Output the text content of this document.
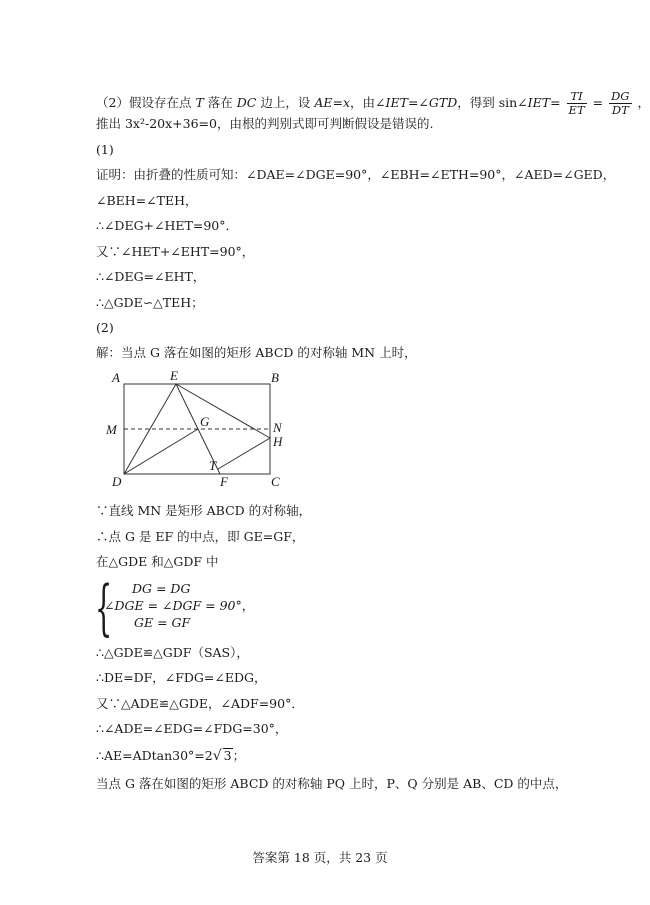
（2）假设存在点 T 落在 DC 边上，设 AE=x，由∠IET=∠GTD，得到 sin∠IET= $\frac{TI}{ET} = \frac{DG}{DT}$ ，
推出 3x²-20x+36=0，由根的判别式即可判断假设是错误的.
(1)
证明：由折叠的性质可知：∠DAE=∠DGE=90°，∠EBH=∠ETH=90°，∠AED=∠GED，
∠BEH=∠TEH，
∴∠DEG+∠HET=90°．
又∵∠HET+∠EHT=90°，
∴∠DEG=∠EHT，
∴△GDE∽△TEH；
(2)
解：当点 G 落在如图的矩形 ABCD 的对称轴 MN 上时，
A	E	B
M
G	N
H
T
D	F	C
∵直线 MN 是矩形 ABCD 的对称轴，
∴点 G 是 EF 的中点，即 GE=GF，
在△GDE 和△GDF 中
{ DG = DG
∠DGE = ∠DGF = 90°，
GE = GF
∴△GDE≌△GDF（SAS），
∴DE=DF，∠FDG=∠EDG，
又∵△ADE≌△GDE，∠ADF=90°．
∴∠ADE=∠EDG=∠FDG=30°，
∴AE=ADtan30°=2√ 3；
当点 G 落在如图的矩形 ABCD 的对称轴 PQ 上时，P、Q 分别是 AB、CD 的中点，
答案第 18 页，共 23 页
